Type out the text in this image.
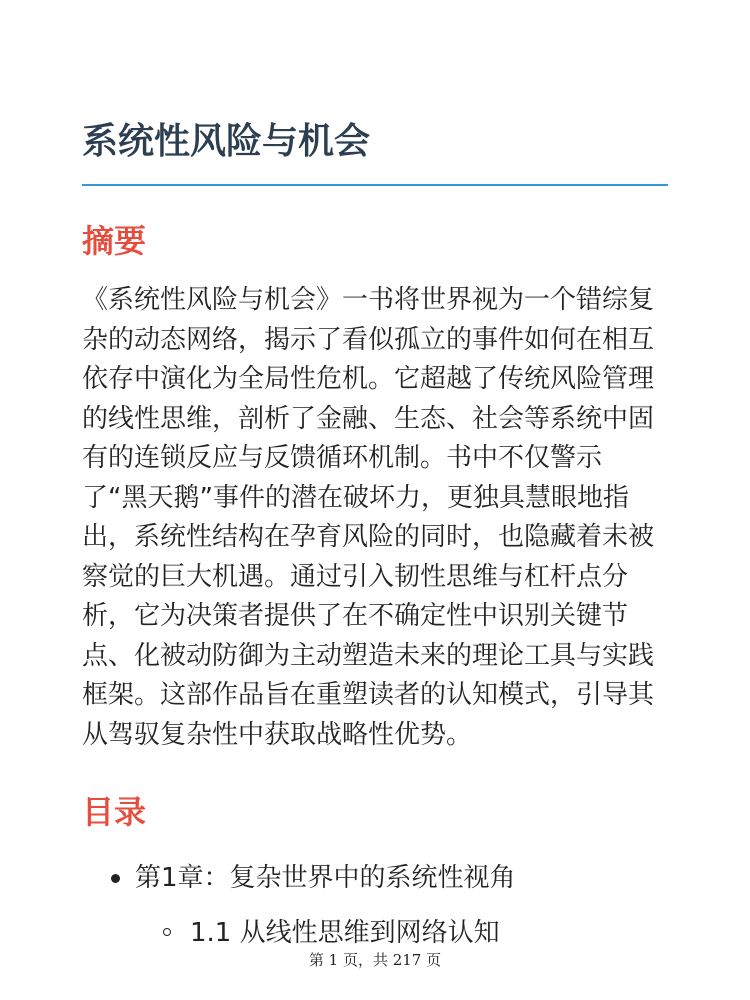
系统性风险与机会
摘要

《系统性风险与机会》一书将世界视为一个错综复
杂的动态网络，揭示了看似孤立的事件如何在相互
依存中演化为全局性危机。它超越了传统风险管理
的线性思维，剖析了金融、生态、社会等系统中固
有的连锁反应与反馈循环机制。书中不仅警示
了“黑天鹅”事件的潜在破坏力，更独具慧眼地指
出，系统性结构在孕育风险的同时，也隐藏着未被
察觉的巨大机遇。通过引入韧性思维与杠杆点分
析，它为决策者提供了在不确定性中识别关键节
点、化被动防御为主动塑造未来的理论工具与实践
框架。这部作品旨在重塑读者的认知模式，引导其
从驾驭复杂性中获取战略性优势。

目录
第1章：复杂世界中的系统性视角
1.1 从线性思维到网络认知
第 1 页，共 217 页
